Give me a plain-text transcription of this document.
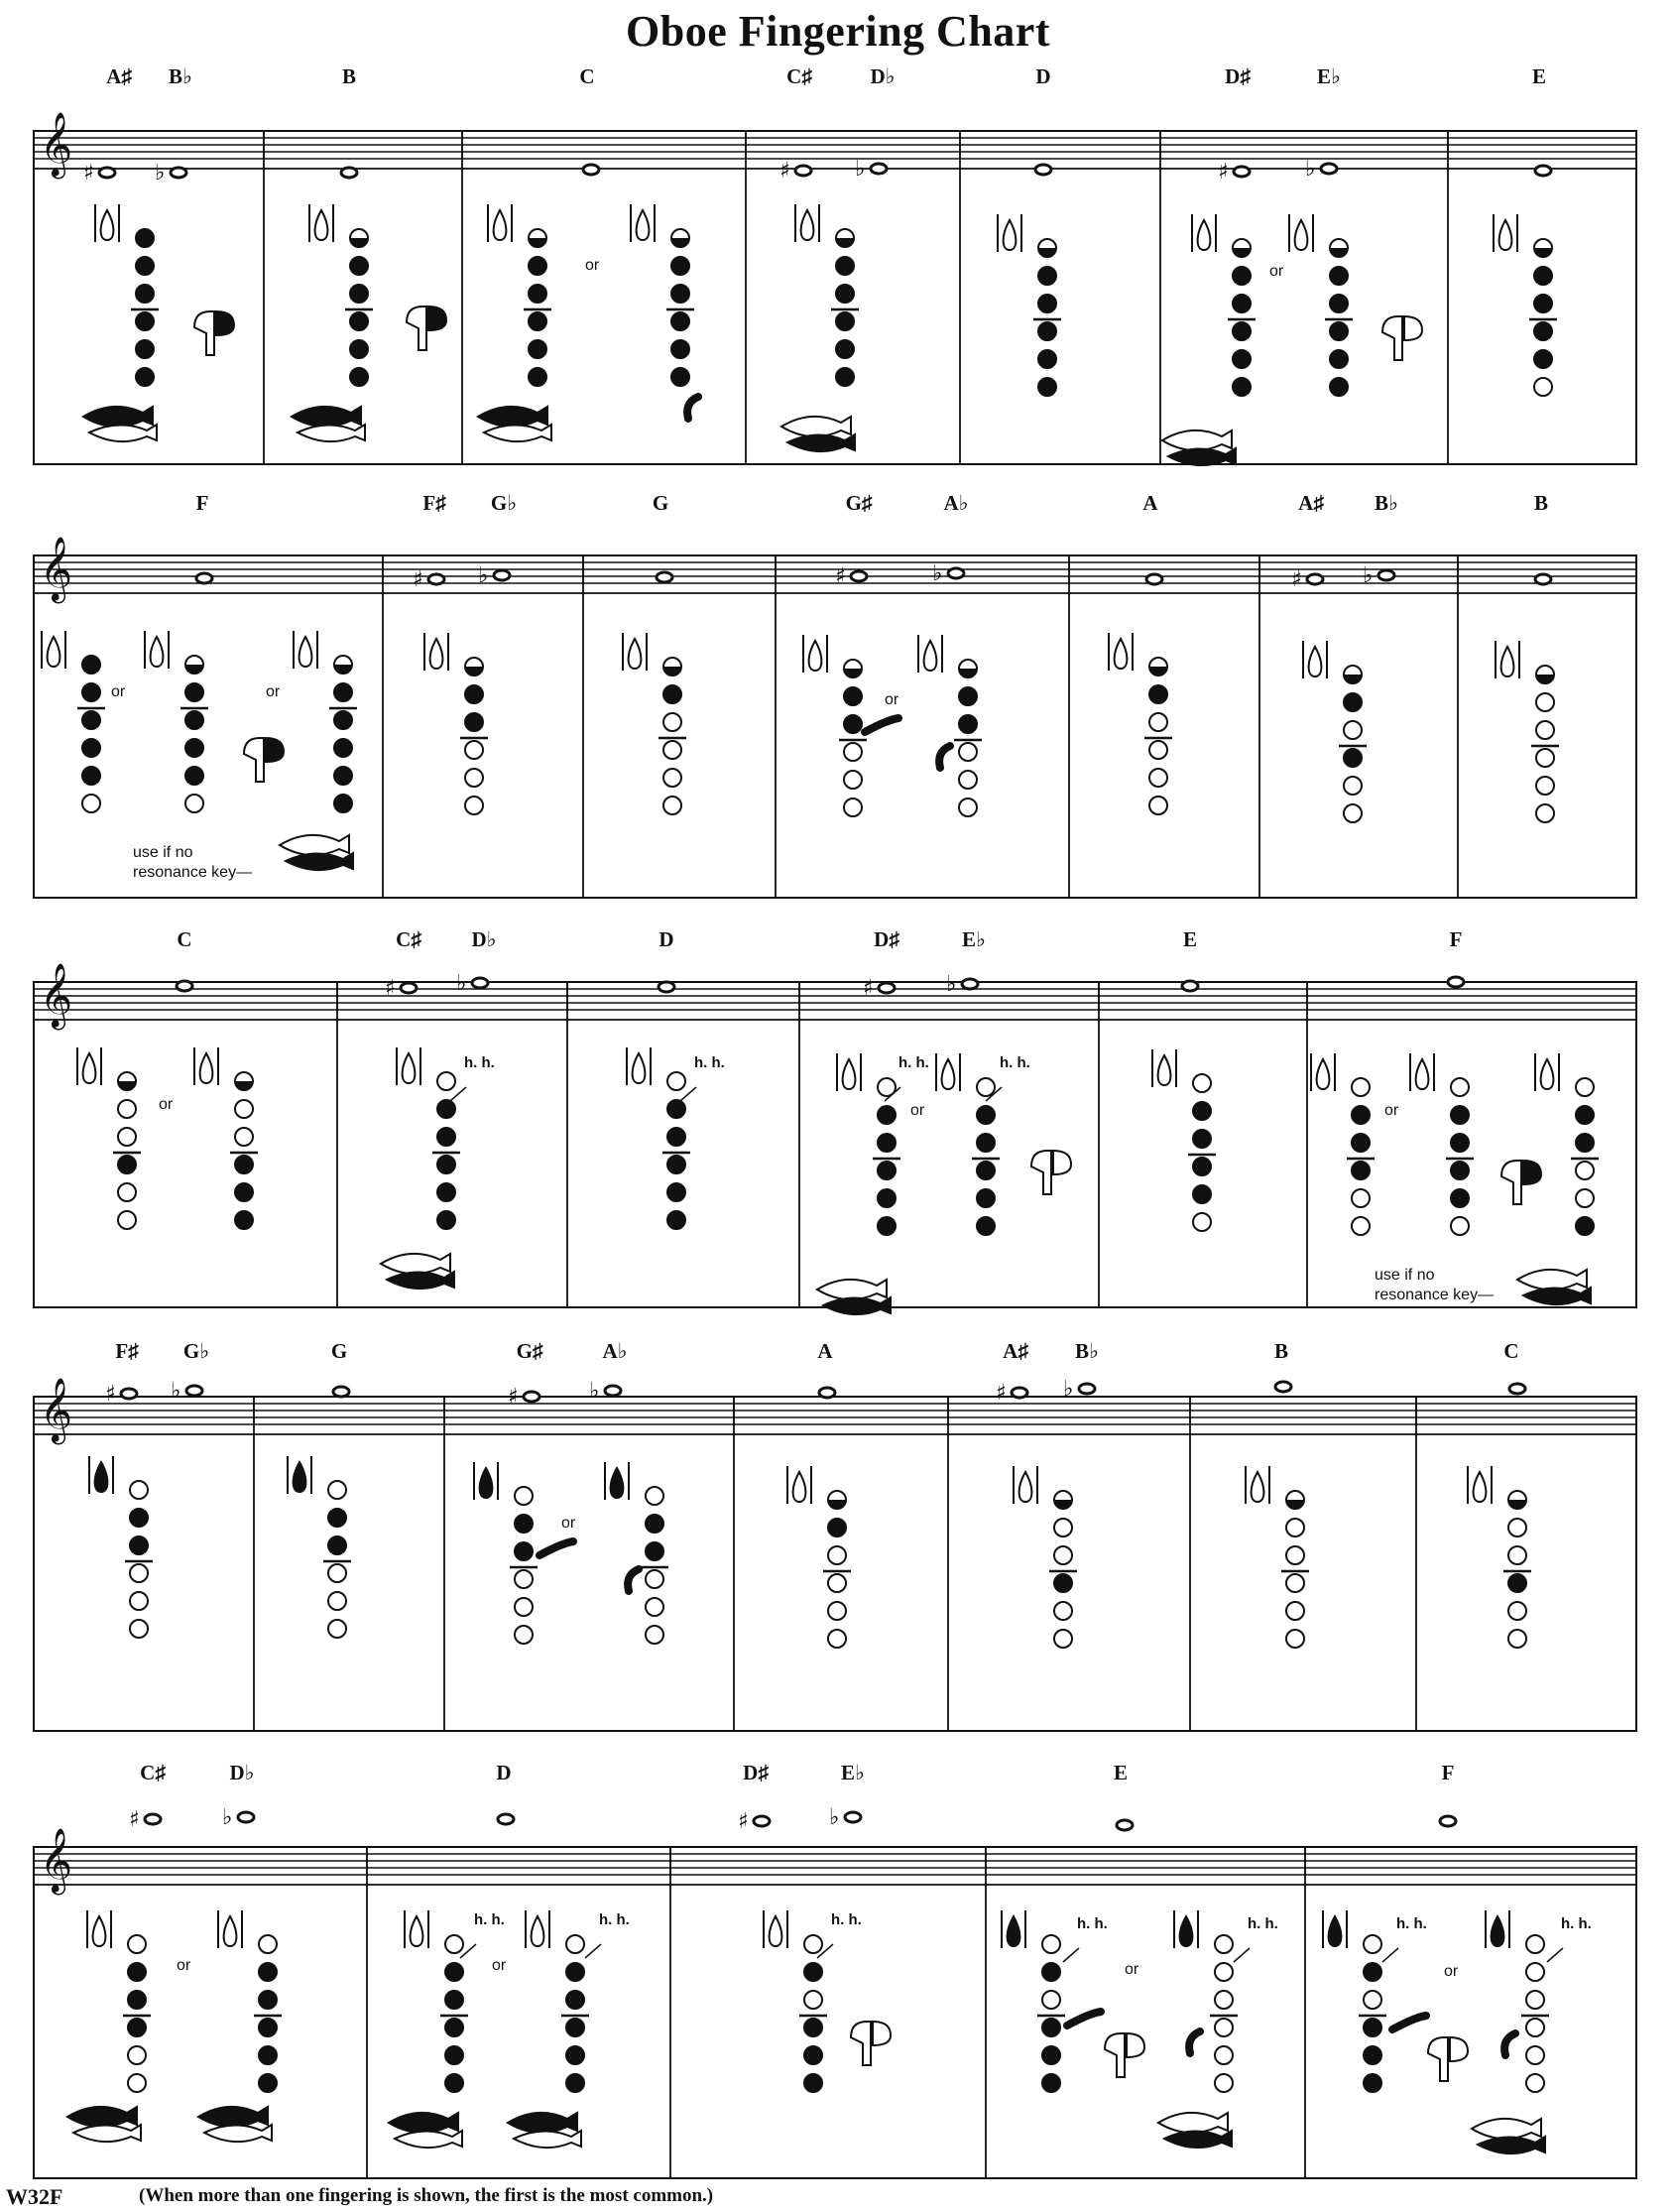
Oboe Fingering Chart
𝄞
A♯ B♭	B	C	C♯	D♭	D	D♯	E♭	E
♯	♭	♯	♭	♯	♭
or	or
𝄞
F	F♯ G♭	G	G♯	A♭	A	A♯ B♭	B
♯	♭	♯	♭	♯	♭
or	or
use if no
resonance key—
or
𝄞
C	C♯ D♭	D	D♯	E♭	E	F
♯	♭	♯	♭
or
h. h.	h. h.	h. h.
or
h. h.
or
use if no
resonance key—
𝄞
F♯ G♭	G	G♯	A♭	A	A♯ B♭	B	C
♯	♭	♯	♭	♯	♭
or
𝄞
C♯	D♭	D	D♯	E♭	E	F
♯	♭	♯	♭
or
h. h.
or
h. h.	h. h.	h. h.
or
h. h.	h. h.
or
h. h.
W32F	(When more than one fingering is shown, the first is the most common.)
